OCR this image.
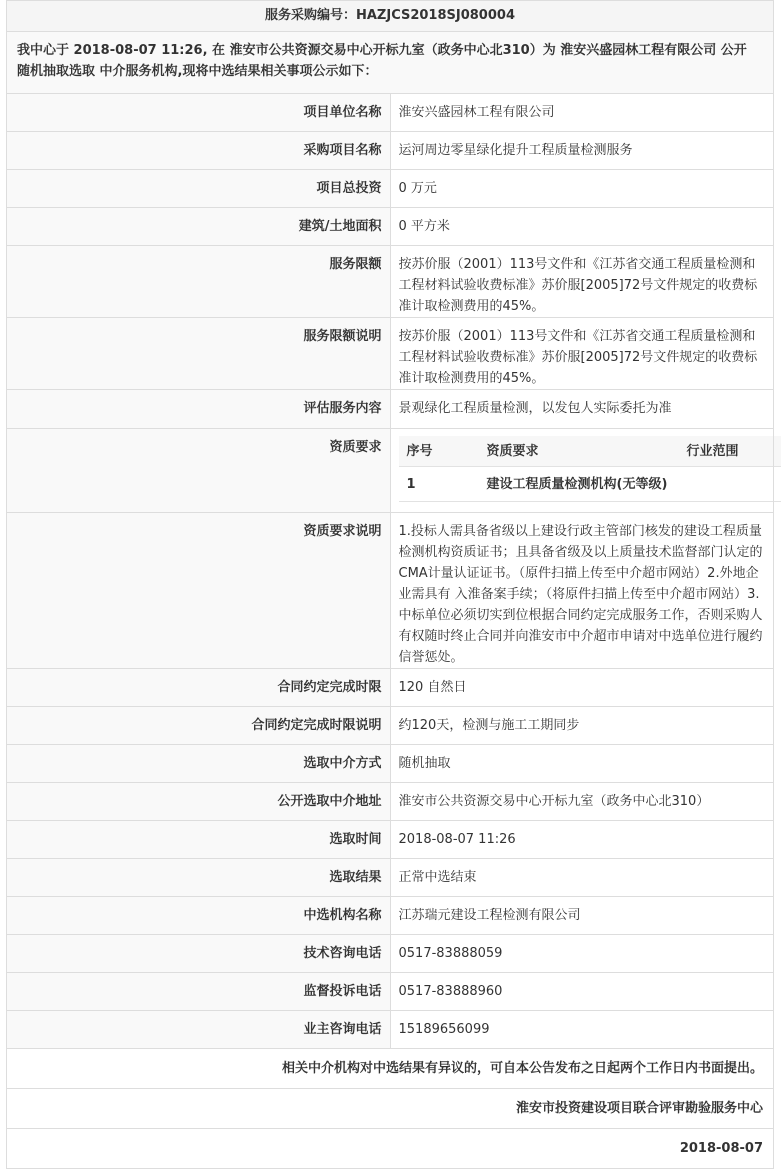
服务采购编号：HAZJCS2018SJ080004
我中心于 2018-08-07 11:26, 在 淮安市公共资源交易中心开标九室（政务中心北310）为 淮安兴盛园林工程有限公司 公开 随机抽取选取 中介服务机构,现将中选结果相关事项公示如下：
项目单位名称	淮安兴盛园林工程有限公司
采购项目名称	运河周边零星绿化提升工程质量检测服务
项目总投资	0 万元
建筑/土地面积	0 平方米
服务限额	按苏价服（2001）113号文件和《江苏省交通工程质量检测和工程材料试验收费标准》苏价服[2005]72号文件规定的收费标准计取检测费用的45%。
服务限额说明	按苏价服（2001）113号文件和《江苏省交通工程质量检测和工程材料试验收费标准》苏价服[2005]72号文件规定的收费标准计取检测费用的45%。
评估服务内容	景观绿化工程质量检测，以发包人实际委托为准
资质要求	序号	资质要求	行业范围
1	建设工程质量检测机构(无等级)	

资质要求说明	1.投标人需具备省级以上建设行政主管部门核发的建设工程质量检测机构资质证书；且具备省级及以上质量技术监督部门认定的CMA计量认证证书。（原件扫描上传至中介超市网站）2.外地企业需具有 入淮备案手续；（将原件扫描上传至中介超市网站）3.中标单位必须切实到位根据合同约定完成服务工作，否则采购人有权随时终止合同并向淮安市中介超市申请对中选单位进行履约信誉惩处。
合同约定完成时限	120 自然日
合同约定完成时限说明	约120天，检测与施工工期同步
选取中介方式	随机抽取
公开选取中介地址	淮安市公共资源交易中心开标九室（政务中心北310）
选取时间	2018-08-07 11:26
选取结果	正常中选结束
中选机构名称	江苏瑞元建设工程检测有限公司
技术咨询电话	0517-83888059
监督投诉电话	0517-83888960
业主咨询电话	15189656099
相关中介机构对中选结果有异议的，可自本公告发布之日起两个工作日内书面提出。
淮安市投资建设项目联合评审勘验服务中心
2018-08-07
